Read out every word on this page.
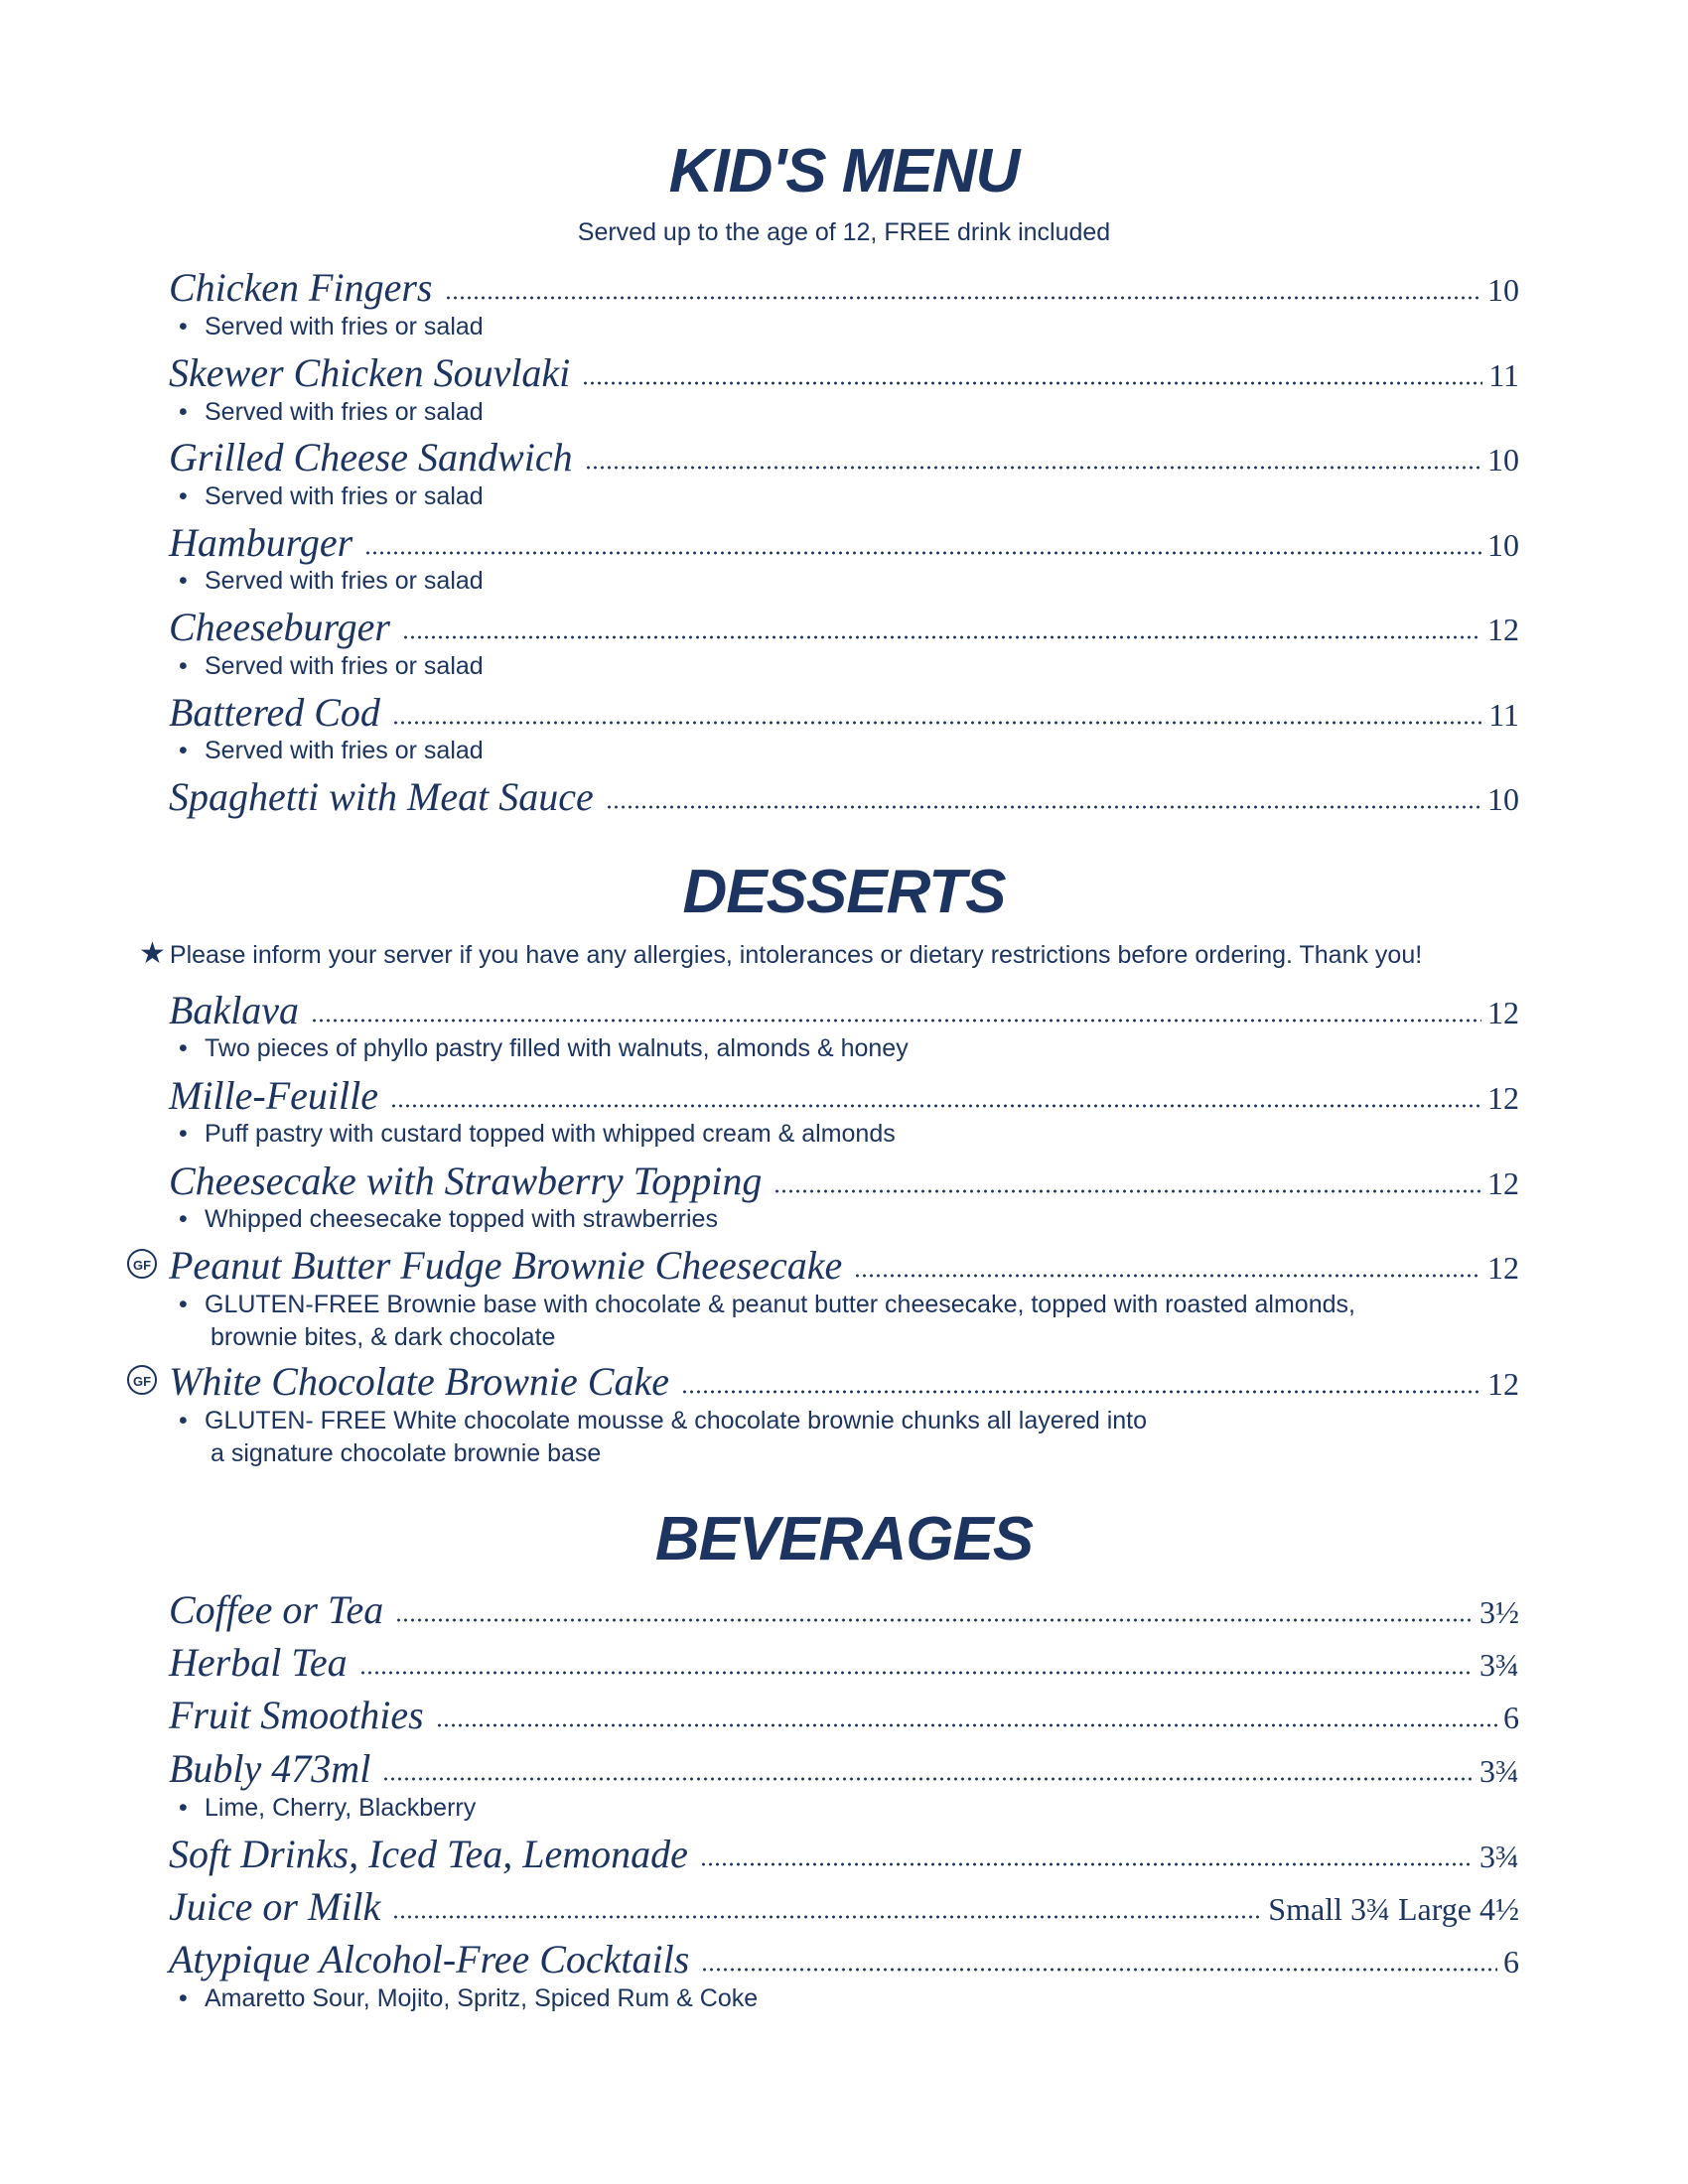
KID'S MENU
Served up to the age of 12, FREE drink included
Chicken Fingers	10
• Served with fries or salad
Skewer Chicken Souvlaki	11
• Served with fries or salad
Grilled Cheese Sandwich	10
• Served with fries or salad
Hamburger	10
• Served with fries or salad
Cheeseburger	12
• Served with fries or salad
Battered Cod	11
• Served with fries or salad
Spaghetti with Meat Sauce	10
DESSERTS
★ Please inform your server if you have any allergies, intolerances or dietary restrictions before ordering. Thank you!
Baklava	12
• Two pieces of phyllo pastry filled with walnuts, almonds & honey
Mille-Feuille	12
• Puff pastry with custard topped with whipped cream & almonds
Cheesecake with Strawberry Topping	12
• Whipped cheesecake topped with strawberries
GF Peanut Butter Fudge Brownie Cheesecake	12
• GLUTEN-FREE Brownie base with chocolate & peanut butter cheesecake, topped with roasted almonds,
brownie bites, & dark chocolate
GF White Chocolate Brownie Cake	12
• GLUTEN- FREE White chocolate mousse & chocolate brownie chunks all layered into
a signature chocolate brownie base
BEVERAGES
Coffee or Tea	3½
Herbal Tea	3¾
Fruit Smoothies	6
Bubly 473ml	3¾
• Lime, Cherry, Blackberry
Soft Drinks, Iced Tea, Lemonade	3¾
Juice or Milk	Small 3¾ Large 4½
Atypique Alcohol-Free Cocktails	6
• Amaretto Sour, Mojito, Spritz, Spiced Rum & Coke
